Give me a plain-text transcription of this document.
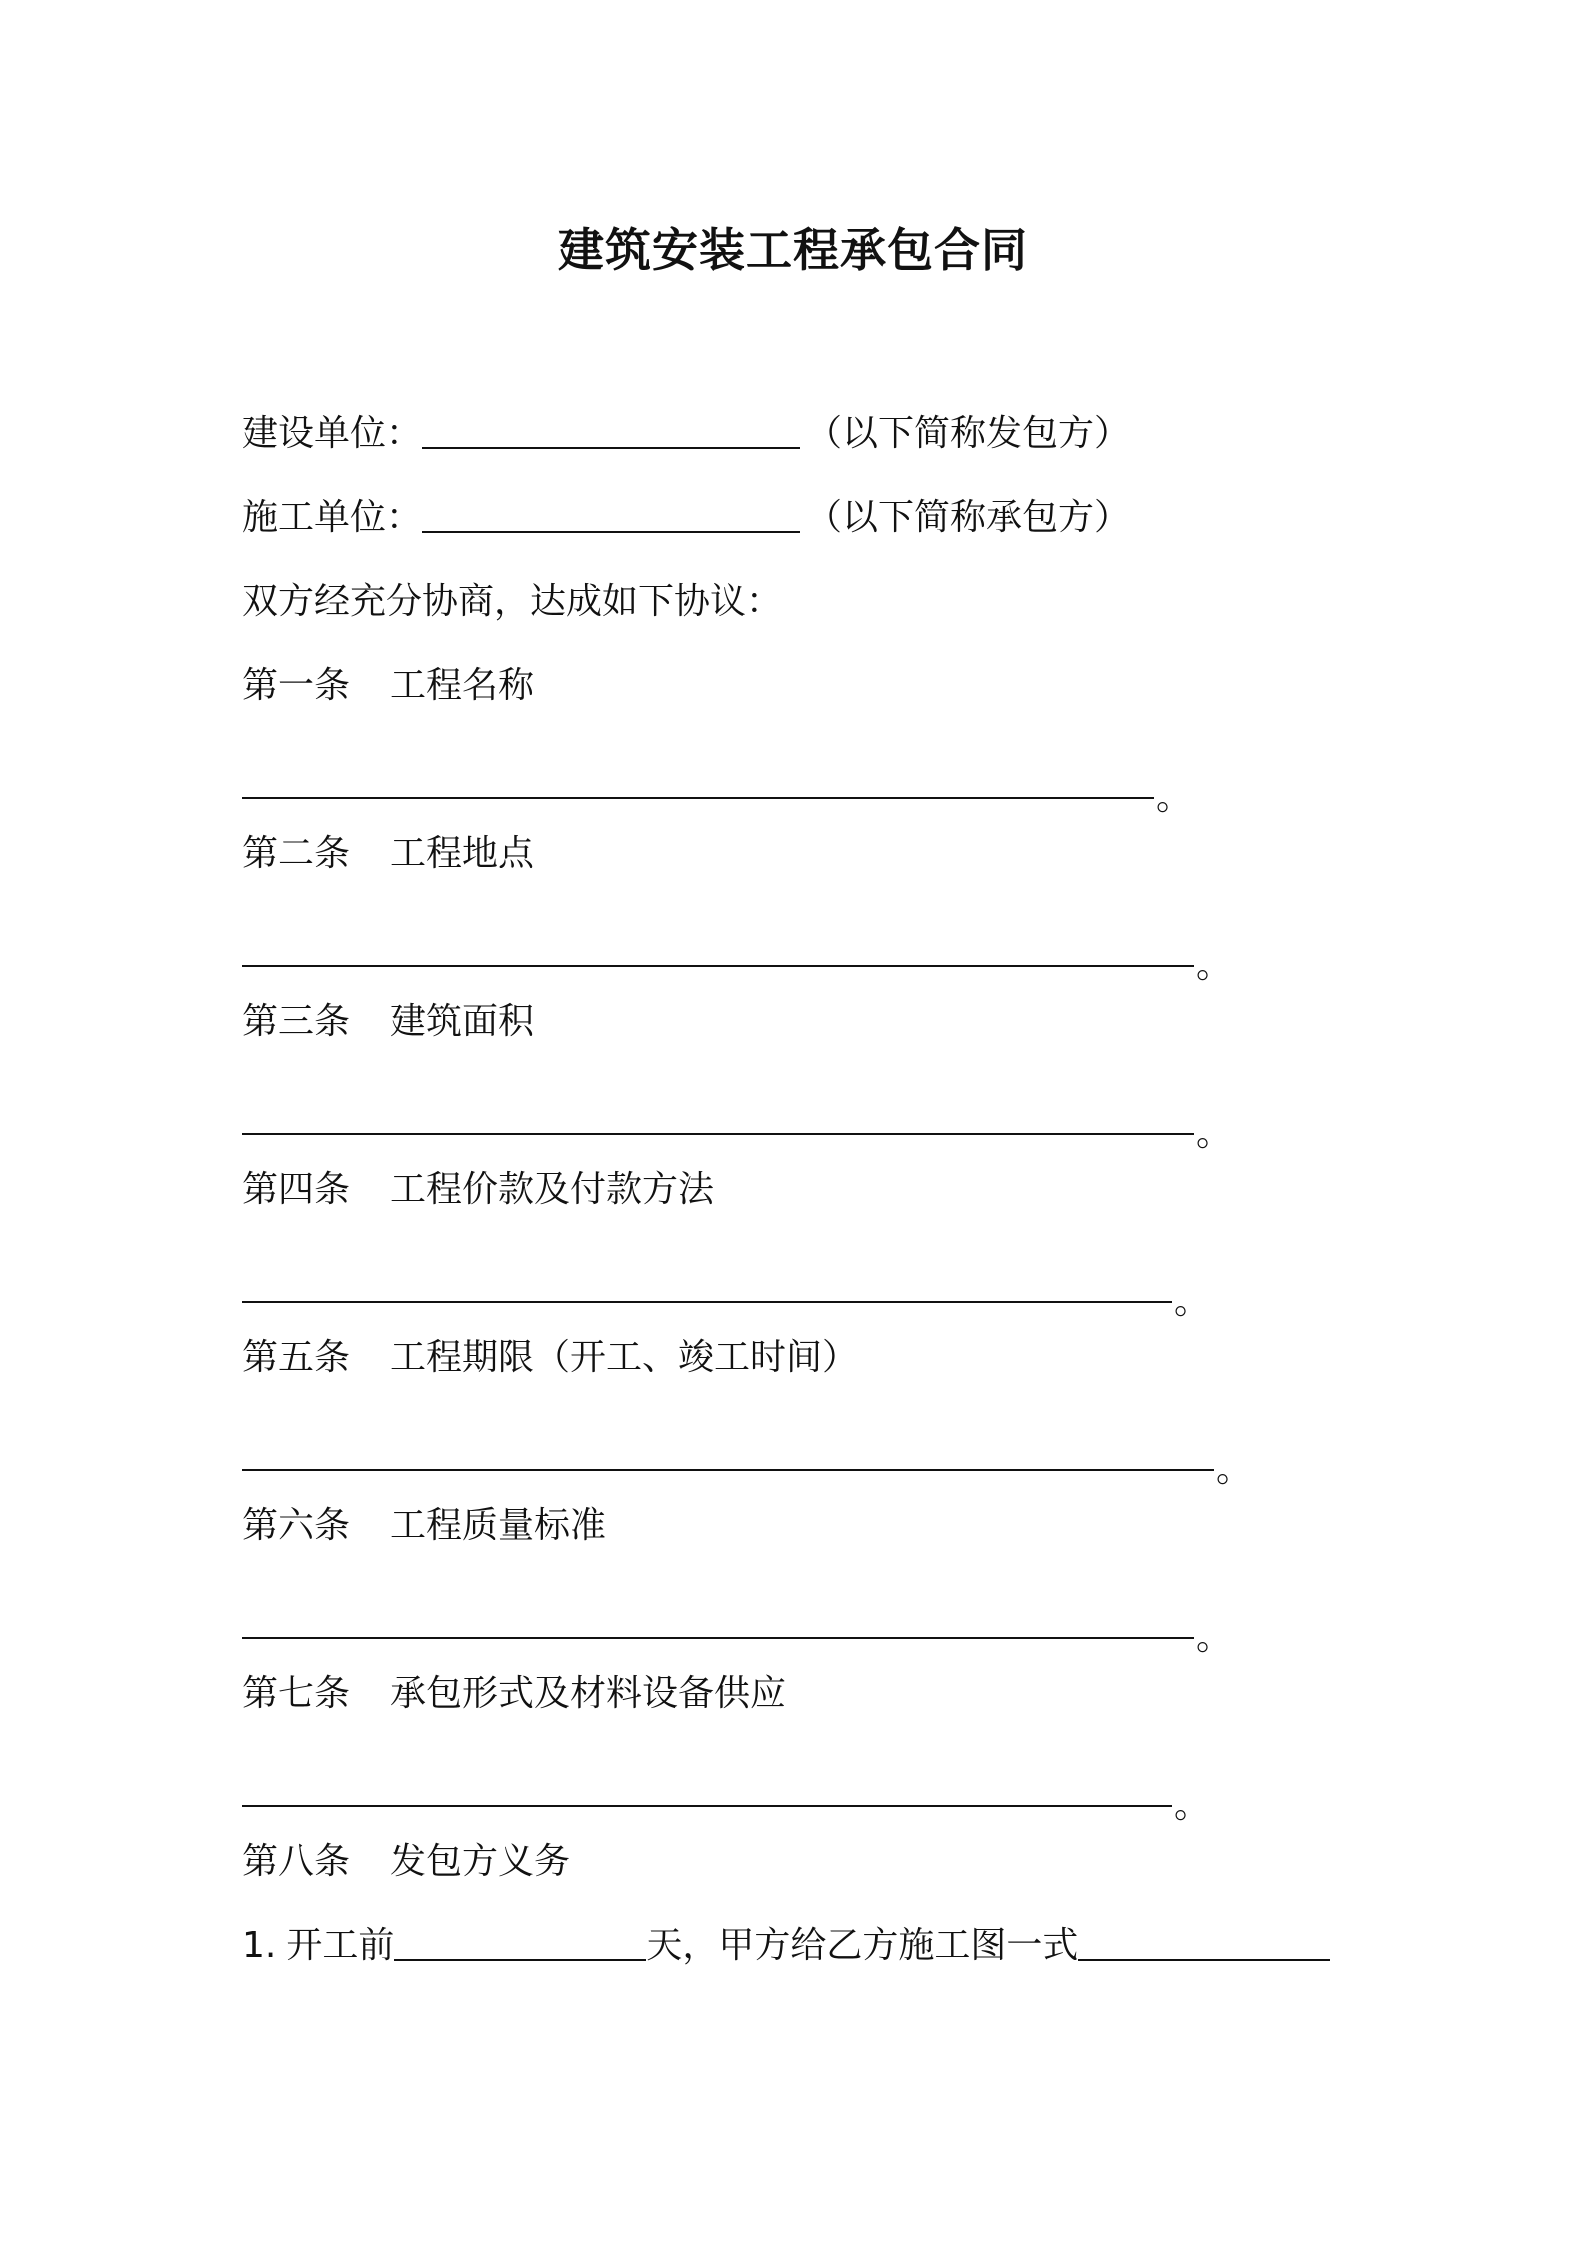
建筑安装工程承包合同
建设单位：	（以下简称发包方）
施工单位：	（以下简称承包方）
双方经充分协商，达成如下协议：
第一条 工程名称
。
第二条 工程地点
。
第三条 建筑面积
。
第四条 工程价款及付款方法
。
第五条 工程期限（开工、竣工时间）
。
第六条 工程质量标准
。
第七条 承包形式及材料设备供应
。
第八条 发包方义务
1. 开工前	天，甲方给乙方施工图一式
